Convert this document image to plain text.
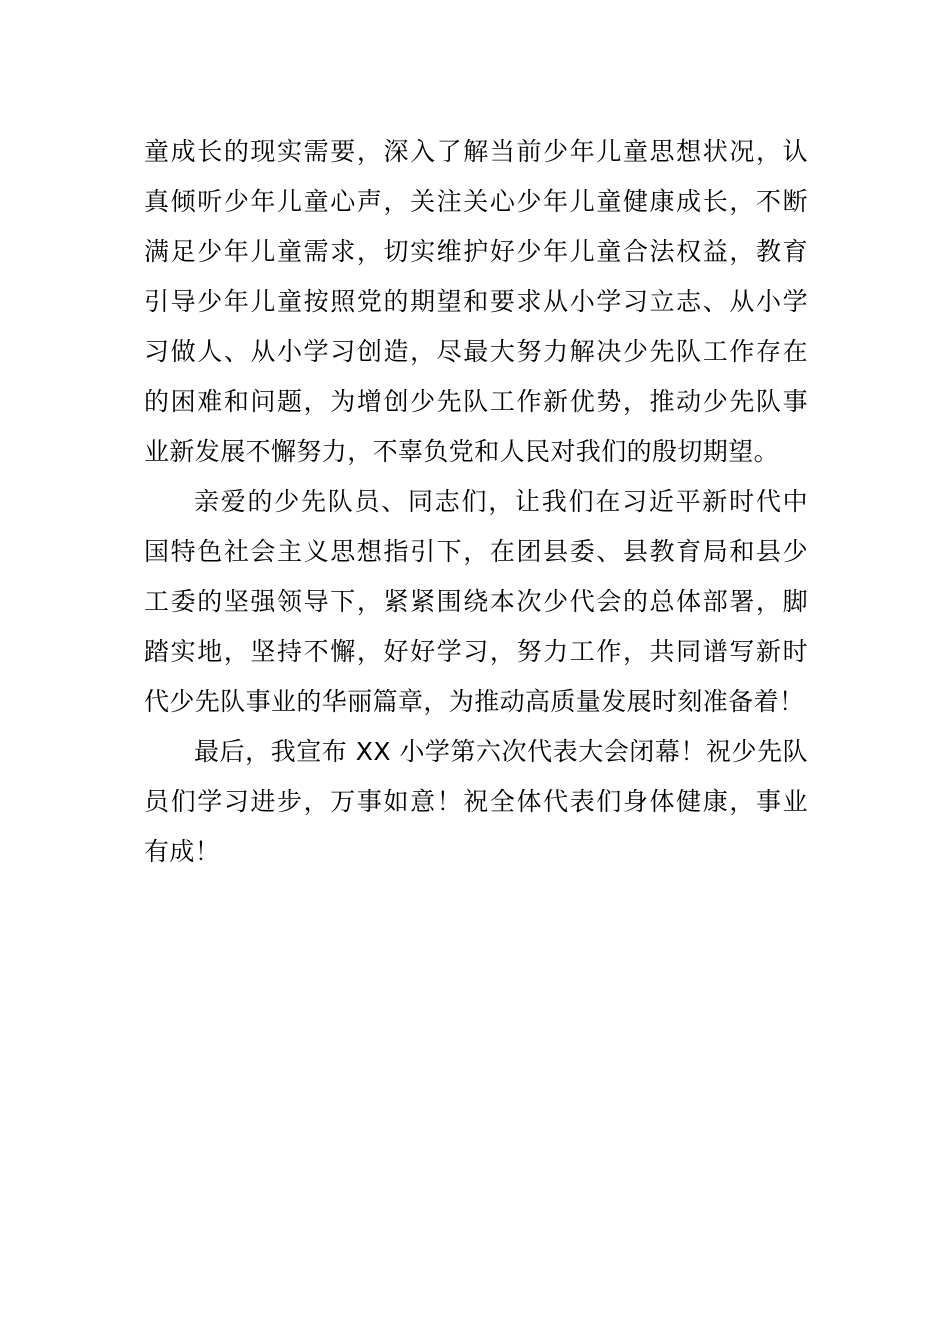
童成长的现实需要，深入了解当前少年儿童思想状况，认
真倾听少年儿童心声，关注关心少年儿童健康成长，不断
满足少年儿童需求，切实维护好少年儿童合法权益，教育
引导少年儿童按照党的期望和要求从小学习立志、从小学
习做人、从小学习创造，尽最大努力解决少先队工作存在
的困难和问题，为增创少先队工作新优势，推动少先队事
业新发展不懈努力，不辜负党和人民对我们的殷切期望。
亲爱的少先队员、同志们，让我们在习近平新时代中
国特色社会主义思想指引下，在团县委、县教育局和县少
工委的坚强领导下，紧紧围绕本次少代会的总体部署，脚
踏实地，坚持不懈，好好学习，努力工作，共同谱写新时
代少先队事业的华丽篇章，为推动高质量发展时刻准备着！
最后，我宣布 XX 小学第六次代表大会闭幕！祝少先队
员们学习进步，万事如意！祝全体代表们身体健康，事业
有成！
